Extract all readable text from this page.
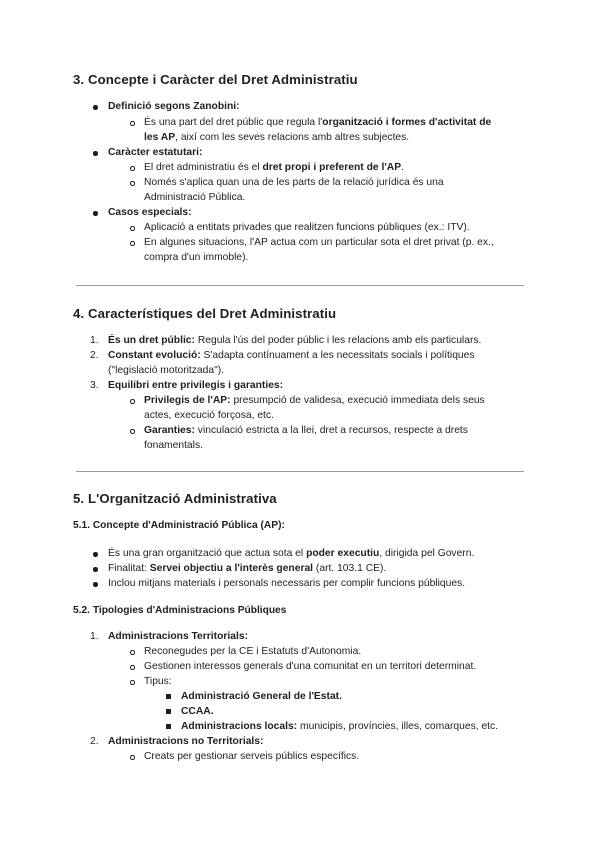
3. Concepte i Caràcter del Dret Administratiu

Definició segons Zanobini:

És una part del dret públic que regula l'organització i formes d'activitat de

les AP, així com les seves relacions amb altres subjectes.

Caràcter estatutari:

El dret administratiu és el dret propi i preferent de l'AP.

Només s'aplica quan una de les parts de la relació jurídica és una

Administració Pública.

Casos especials:

Aplicació a entitats privades que realitzen funcions públiques (ex.: ITV).

En algunes situacions, l'AP actua com un particular sota el dret privat (p. ex.,

compra d'un immoble).

4. Característiques del Dret Administratiu
1. És un dret públic: Regula l'ús del poder públic i les relacions amb els particulars.

2. Constant evolució: S'adapta contínuament a les necessitats socials i polítiques

("legislació motoritzada").

3. Equilibri entre privilegis i garanties:

Privilegis de l'AP: presumpció de validesa, execució immediata dels seus

actes, execució forçosa, etc.

Garanties: vinculació estricta a la llei, dret a recursos, respecte a drets

fonamentals.

5. L'Organització Administrativa
5.1. Concepte d'Administració Pública (AP):

És una gran organització que actua sota el poder executiu, dirigida pel Govern.

Finalitat: Servei objectiu a l'interès general (art. 103.1 CE).

Inclou mitjans materials i personals necessaris per complir funcions públiques.

5.2. Tipologies d'Administracions Públiques
1. Administracions Territorials:

Reconegudes per la CE i Estatuts d'Autonomia.

Gestionen interessos generals d'una comunitat en un territori determinat.

Tipus:

Administració General de l'Estat.

CCAA.

Administracions locals: municipis, províncies, illes, comarques, etc.

2. Administracions no Territorials:

Creats per gestionar serveis públics específics.
